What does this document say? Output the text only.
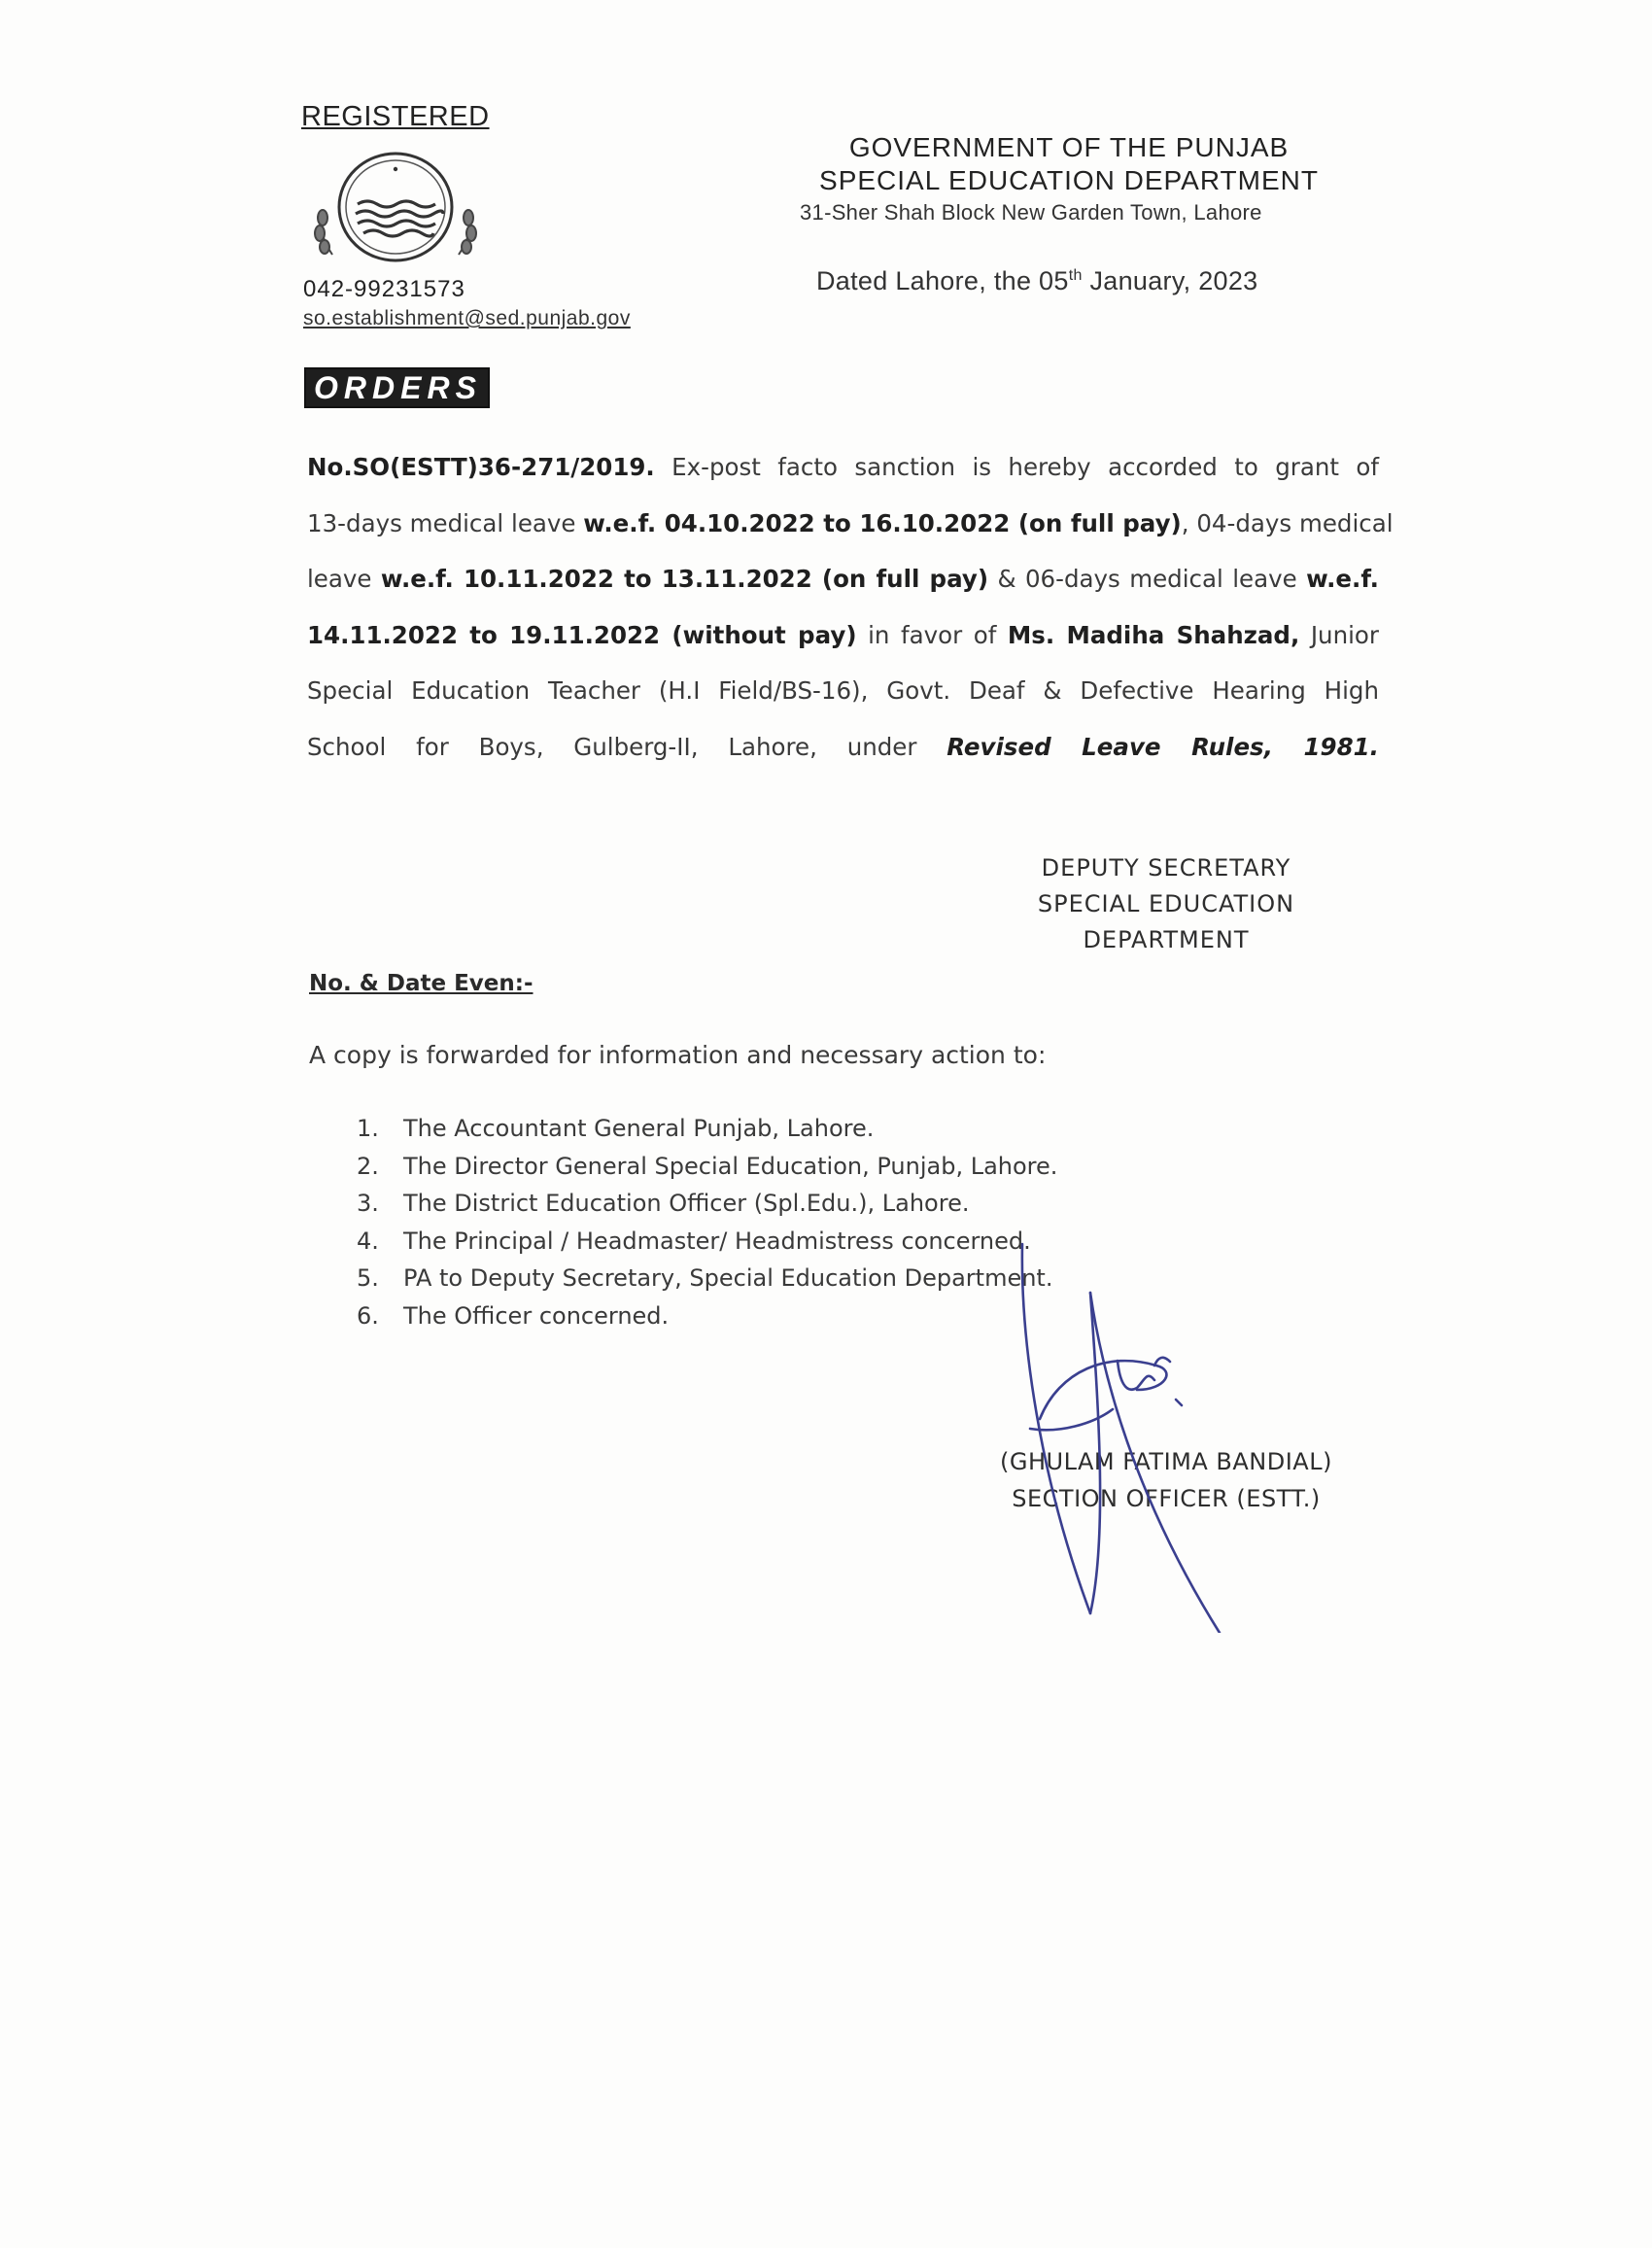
REGISTERED
042-99231573
so.establishment@sed.punjab.gov
GOVERNMENT OF THE PUNJAB
SPECIAL EDUCATION DEPARTMENT
31-Sher Shah Block New Garden Town, Lahore
Dated Lahore, the 05th January, 2023
ORDERS
No.SO(ESTT)36-271/2019. Ex-post facto sanction is hereby accorded to grant of
13-days medical leave w.e.f. 04.10.2022 to 16.10.2022 (on full pay), 04-days medical
leave w.e.f. 10.11.2022 to 13.11.2022 (on full pay) & 06-days medical leave w.e.f.
14.11.2022 to 19.11.2022 (without pay) in favor of Ms. Madiha Shahzad, Junior
Special Education Teacher (H.I Field/BS-16), Govt. Deaf & Defective Hearing High
School for Boys, Gulberg-II, Lahore, under Revised Leave Rules, 1981.
DEPUTY SECRETARY
SPECIAL EDUCATION
DEPARTMENT
No. & Date Even:-
A copy is forwarded for information and necessary action to:
1. The Accountant General Punjab, Lahore.
2. The Director General Special Education, Punjab, Lahore.
3. The District Education Officer (Spl.Edu.), Lahore.
4. The Principal / Headmaster/ Headmistress concerned.
5. PA to Deputy Secretary, Special Education Department.
6. The Officer concerned.
(GHULAM FATIMA BANDIAL)
SECTION OFFICER (ESTT.)
